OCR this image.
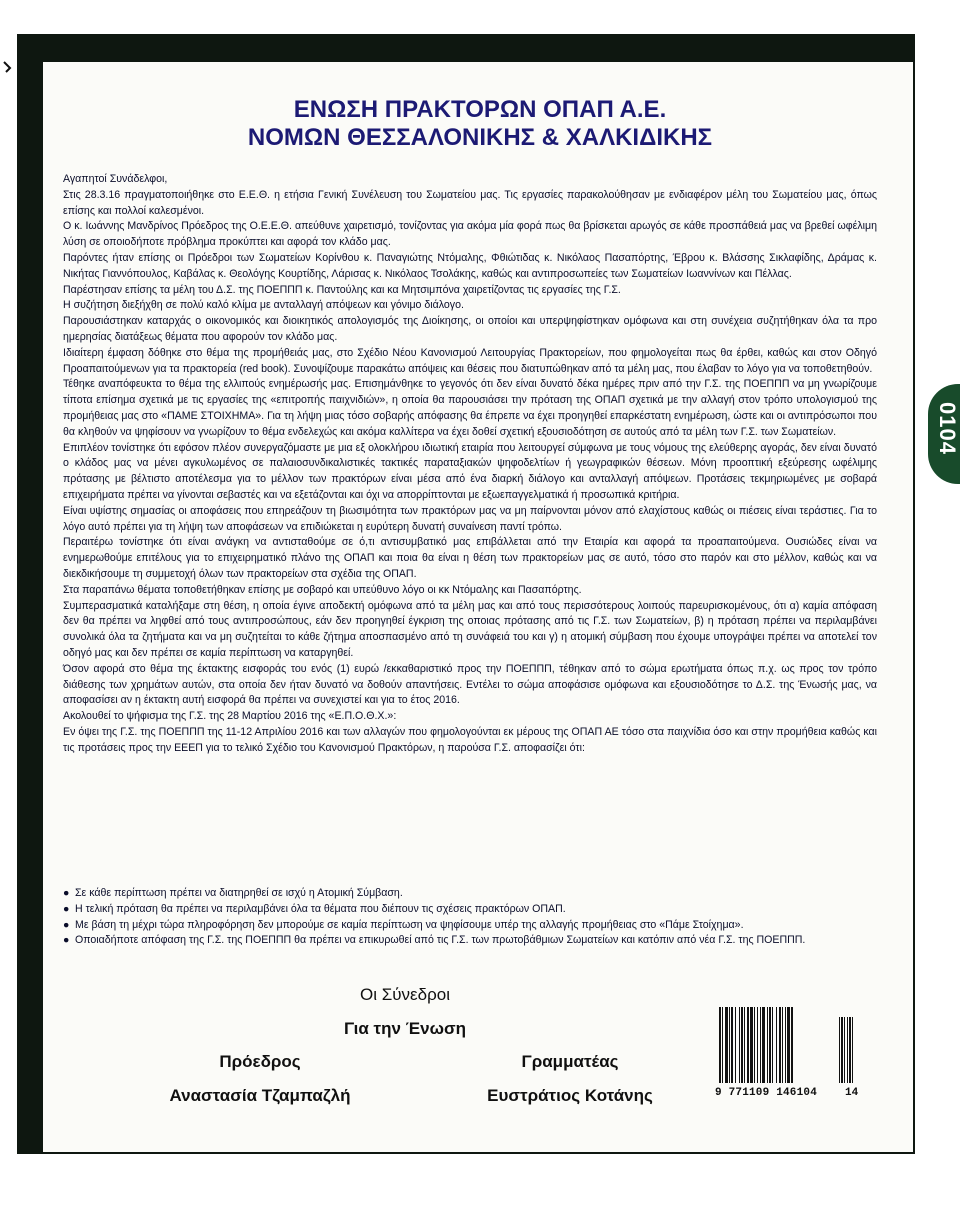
0104
ΕΝΩΣΗ ΠΡΑΚΤΟΡΩΝ ΟΠΑΠ Α.Ε.
ΝΟΜΩΝ ΘΕΣΣΑΛΟΝΙΚΗΣ & ΧΑΛΚΙΔΙΚΗΣ

Αγαπητοί Συνάδελφοι,

Στις 28.3.16 πραγματοποιήθηκε στο Ε.Ε.Θ. η ετήσια Γενική Συνέλευση του Σωματείου μας. Τις εργασίες παρακολούθησαν με ενδιαφέρον μέλη του Σωματείου μας, όπως επίσης και πολλοί καλεσμένοι.

Ο κ. Ιωάννης Μανδρίνος Πρόεδρος της Ο.Ε.Ε.Θ. απεύθυνε χαιρετισμό, τονίζοντας για ακόμα μία φορά πως θα βρίσκεται αρωγός σε κάθε προσπάθειά μας να βρεθεί ωφέλιμη λύση σε οποιοδήποτε πρόβλημα προκύπτει και αφορά τον κλάδο μας.

Παρόντες ήταν επίσης οι Πρόεδροι των Σωματείων Κορίνθου κ. Παναγιώτης Ντόμαλης, Φθιώτιδας κ. Νικόλαος Πασαπόρτης, Έβρου κ. Βλάσσης Σικλαφίδης, Δράμας κ. Νικήτας Γιαννόπουλος, Καβάλας κ. Θεολόγης Κουρτίδης, Λάρισας κ. Νικόλαος Τσολάκης, καθώς και αντιπροσωπείες των Σωματείων Ιωαννίνων και Πέλλας.

Παρέστησαν επίσης τα μέλη του Δ.Σ. της ΠΟΕΠΠΠ κ. Παντούλης και κα Μητσιμπόνα χαιρετίζοντας τις εργασίες της Γ.Σ.

Η συζήτηση διεξήχθη σε πολύ καλό κλίμα με ανταλλαγή απόψεων και γόνιμο διάλογο.

Παρουσιάστηκαν καταρχάς ο οικονομικός και διοικητικός απολογισμός της Διοίκησης, οι οποίοι και υπερψηφίστηκαν ομόφωνα και στη συνέχεια συζητήθηκαν όλα τα προ ημερησίας διατάξεως θέματα που αφορούν τον κλάδο μας.

Ιδιαίτερη έμφαση δόθηκε στο θέμα της προμήθειάς μας, στο Σχέδιο Νέου Κανονισμού Λειτουργίας Πρακτορείων, που φημολογείται πως θα έρθει, καθώς και στον Οδηγό Προαπαιτούμενων για τα πρακτορεία (red book). Συνοψίζουμε παρακάτω απόψεις και θέσεις που διατυπώθηκαν από τα μέλη μας, που έλαβαν το λόγο για να τοποθετηθούν.

Τέθηκε αναπόφευκτα το θέμα της ελλιπούς ενημέρωσής μας. Επισημάνθηκε το γεγονός ότι δεν είναι δυνατό δέκα ημέρες πριν από την Γ.Σ. της ΠΟΕΠΠΠ να μη γνωρίζουμε τίποτα επίσημα σχετικά με τις εργασίες της «επιτροπής παιχνιδιών», η οποία θα παρουσιάσει την πρόταση της ΟΠΑΠ σχετικά με την αλλαγή στον τρόπο υπολογισμού της προμήθειας μας στο «ΠΑΜΕ ΣΤΟΙΧΗΜΑ». Για τη λήψη μιας τόσο σοβαρής απόφασης θα έπρεπε να έχει προηγηθεί επαρκέστατη ενημέρωση, ώστε και οι αντιπρόσωποι που θα κληθούν να ψηφίσουν να γνωρίζουν το θέμα ενδελεχώς και ακόμα καλλίτερα να έχει δοθεί σχετική εξουσιοδότηση σε αυτούς από τα μέλη των Γ.Σ. των Σωματείων.

Επιπλέον τονίστηκε ότι εφόσον πλέον συνεργαζόμαστε με μια εξ ολοκλήρου ιδιωτική εταιρία που λειτουργεί σύμφωνα με τους νόμους της ελεύθερης αγοράς, δεν είναι δυνατό ο κλάδος μας να μένει αγκυλωμένος σε παλαιοσυνδικαλιστικές τακτικές παραταξιακών ψηφοδελτίων ή γεωγραφικών θέσεων. Μόνη προοπτική εξεύρεσης ωφέλιμης πρότασης με βέλτιστο αποτέλεσμα για το μέλλον των πρακτόρων είναι μέσα από ένα διαρκή διάλογο και ανταλλαγή απόψεων. Προτάσεις τεκμηριωμένες με σοβαρά επιχειρήματα πρέπει να γίνονται σεβαστές και να εξετάζονται και όχι να απορρίπτονται με εξωεπαγγελματικά ή προσωπικά κριτήρια.

Είναι υψίστης σημασίας οι αποφάσεις που επηρεάζουν τη βιωσιμότητα των πρακτόρων μας να μη παίρνονται μόνον από ελαχίστους καθώς οι πιέσεις είναι τεράστιες. Για το λόγο αυτό πρέπει για τη λήψη των αποφάσεων να επιδιώκεται η ευρύτερη δυνατή συναίνεση παντί τρόπω.

Περαιτέρω τονίστηκε ότι είναι ανάγκη να αντισταθούμε σε ό,τι αντισυμβατικό μας επιβάλλεται από την Εταιρία και αφορά τα προαπαιτούμενα. Ουσιώδες είναι να ενημερωθούμε επιτέλους για το επιχειρηματικό πλάνο της ΟΠΑΠ και ποια θα είναι η θέση των πρακτορείων μας σε αυτό, τόσο στο παρόν και στο μέλλον, καθώς και να διεκδικήσουμε τη συμμετοχή όλων των πρακτορείων στα σχέδια της ΟΠΑΠ.

Στα παραπάνω θέματα τοποθετήθηκαν επίσης με σοβαρό και υπεύθυνο λόγο οι κκ Ντόμαλης και Πασαπόρτης.

Συμπερασματικά καταλήξαμε στη θέση, η οποία έγινε αποδεκτή ομόφωνα από τα μέλη μας και από τους περισσότερους λοιπούς παρευρισκομένους, ότι α) καμία απόφαση δεν θα πρέπει να ληφθεί από τους αντιπροσώπους, εάν δεν προηγηθεί έγκριση της οποιας πρότασης από τις Γ.Σ. των Σωματείων, β) η πρόταση πρέπει να περιλαμβάνει συνολικά όλα τα ζητήματα και να μη συζητείται το κάθε ζήτημα αποσπασμένο από τη συνάφειά του και γ) η ατομική σύμβαση που έχουμε υπογράψει πρέπει να αποτελεί τον οδηγό μας και δεν πρέπει σε καμία περίπτωση να καταργηθεί.

Όσον αφορά στο θέμα της έκτακτης εισφοράς του ενός (1) ευρώ /εκκαθαριστικό προς την ΠΟΕΠΠΠ, τέθηκαν από το σώμα ερωτήματα όπως π.χ. ως προς τον τρόπο διάθεσης των χρημάτων αυτών, στα οποία δεν ήταν δυνατό να δοθούν απαντήσεις. Εντέλει το σώμα αποφάσισε ομόφωνα και εξουσιοδότησε το Δ.Σ. της Ένωσής μας, να αποφασίσει αν η έκτακτη αυτή εισφορά θα πρέπει να συνεχιστεί και για το έτος 2016.

Ακολουθεί το ψήφισμα της Γ.Σ. της 28 Μαρτίου 2016 της «Ε.Π.Ο.Θ.Χ.»:

Εν όψει της Γ.Σ. της ΠΟΕΠΠΠ της 11-12 Απριλίου 2016 και των αλλαγών που φημολογούνται εκ μέρους της ΟΠΑΠ ΑΕ τόσο στα παιχνίδια όσο και στην προμήθεια καθώς και τις προτάσεις προς την ΕΕΕΠ για το τελικό Σχέδιο του Κανονισμού Πρακτόρων, η παρούσα Γ.Σ. αποφασίζει ότι:

● Σε κάθε περίπτωση πρέπει να διατηρηθεί σε ισχύ η Ατομική Σύμβαση.
● Η τελική πρόταση θα πρέπει να περιλαμβάνει όλα τα θέματα που διέπουν τις σχέσεις πρακτόρων ΟΠΑΠ.
● Με βάση τη μέχρι τώρα πληροφόρηση δεν μπορούμε σε καμία περίπτωση να ψηφίσουμε υπέρ της αλλαγής προμήθειας στο «Πάμε Στοίχημα».
● Οποιαδήποτε απόφαση της Γ.Σ. της ΠΟΕΠΠΠ θα πρέπει να επικυρωθεί από τις Γ.Σ. των πρωτοβάθμιων Σωματείων και κατόπιν από νέα Γ.Σ. της ΠΟΕΠΠΠ.
Οι Σύνεδροι
Για την Ένωση
Πρόεδρος	Γραμματέας
Αναστασία Τζαμπαζλή	Ευστράτιος Κοτάνης	9 771109 146104	14
